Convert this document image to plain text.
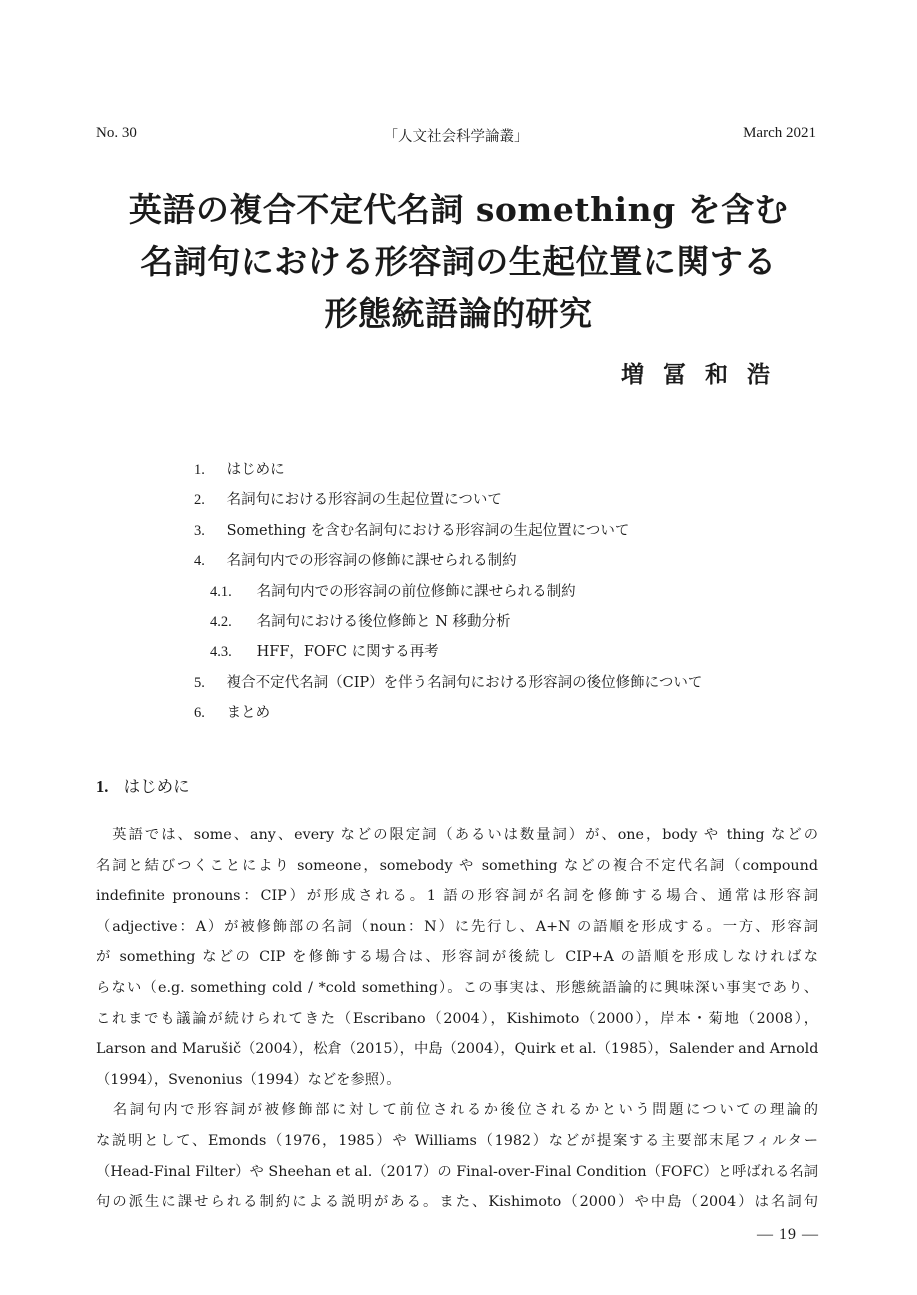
No. 30	「人文社会科学論叢」	March 2021
英語の複合不定代名詞 something を含む
名詞句における形容詞の生起位置に関する
形態統語論的研究
増冨和浩
1. はじめに
2. 名詞句における形容詞の生起位置について
3. Something を含む名詞句における形容詞の生起位置について
4. 名詞句内での形容詞の修飾に課せられる制約
4.1. 名詞句内での形容詞の前位修飾に課せられる制約
4.2. 名詞句における後位修飾と N 移動分析
4.3. HFF，FOFC に関する再考
5. 複合不定代名詞（CIP）を伴う名詞句における形容詞の後位修飾について
6. まとめ
1. はじめに
　英語では、some、any、every などの限定詞（あるいは数量詞）が、one，body や thing などの
名詞と結びつくことにより someone，somebody や something などの複合不定代名詞（compound
indefinite pronouns：CIP）が形成される。1 語の形容詞が名詞を修飾する場合、通常は形容詞
（adjective：A）が被修飾部の名詞（noun：N）に先行し、A+N の語順を形成する。一方、形容詞
が something などの CIP を修飾する場合は、形容詞が後続し CIP+A の語順を形成しなければな
らない（e.g. something cold / *cold something）。この事実は、形態統語論的に興味深い事実であり、
これまでも議論が続けられてきた（Escribano（2004），Kishimoto（2000），岸本・菊地（2008），
Larson and Marušič（2004），松倉（2015），中島（2004），Quirk et al.（1985），Salender and Arnold
（1994），Svenonius（1994）などを参照）。
　名詞句内で形容詞が被修飾部に対して前位されるか後位されるかという問題についての理論的
な説明として、Emonds（1976，1985）や Williams（1982）などが提案する主要部末尾フィルター
（Head-Final Filter）や Sheehan et al.（2017）の Final-over-Final Condition（FOFC）と呼ばれる名詞
句の派生に課せられる制約による説明がある。また、Kishimoto（2000）や中島（2004）は名詞句
— 19 —
